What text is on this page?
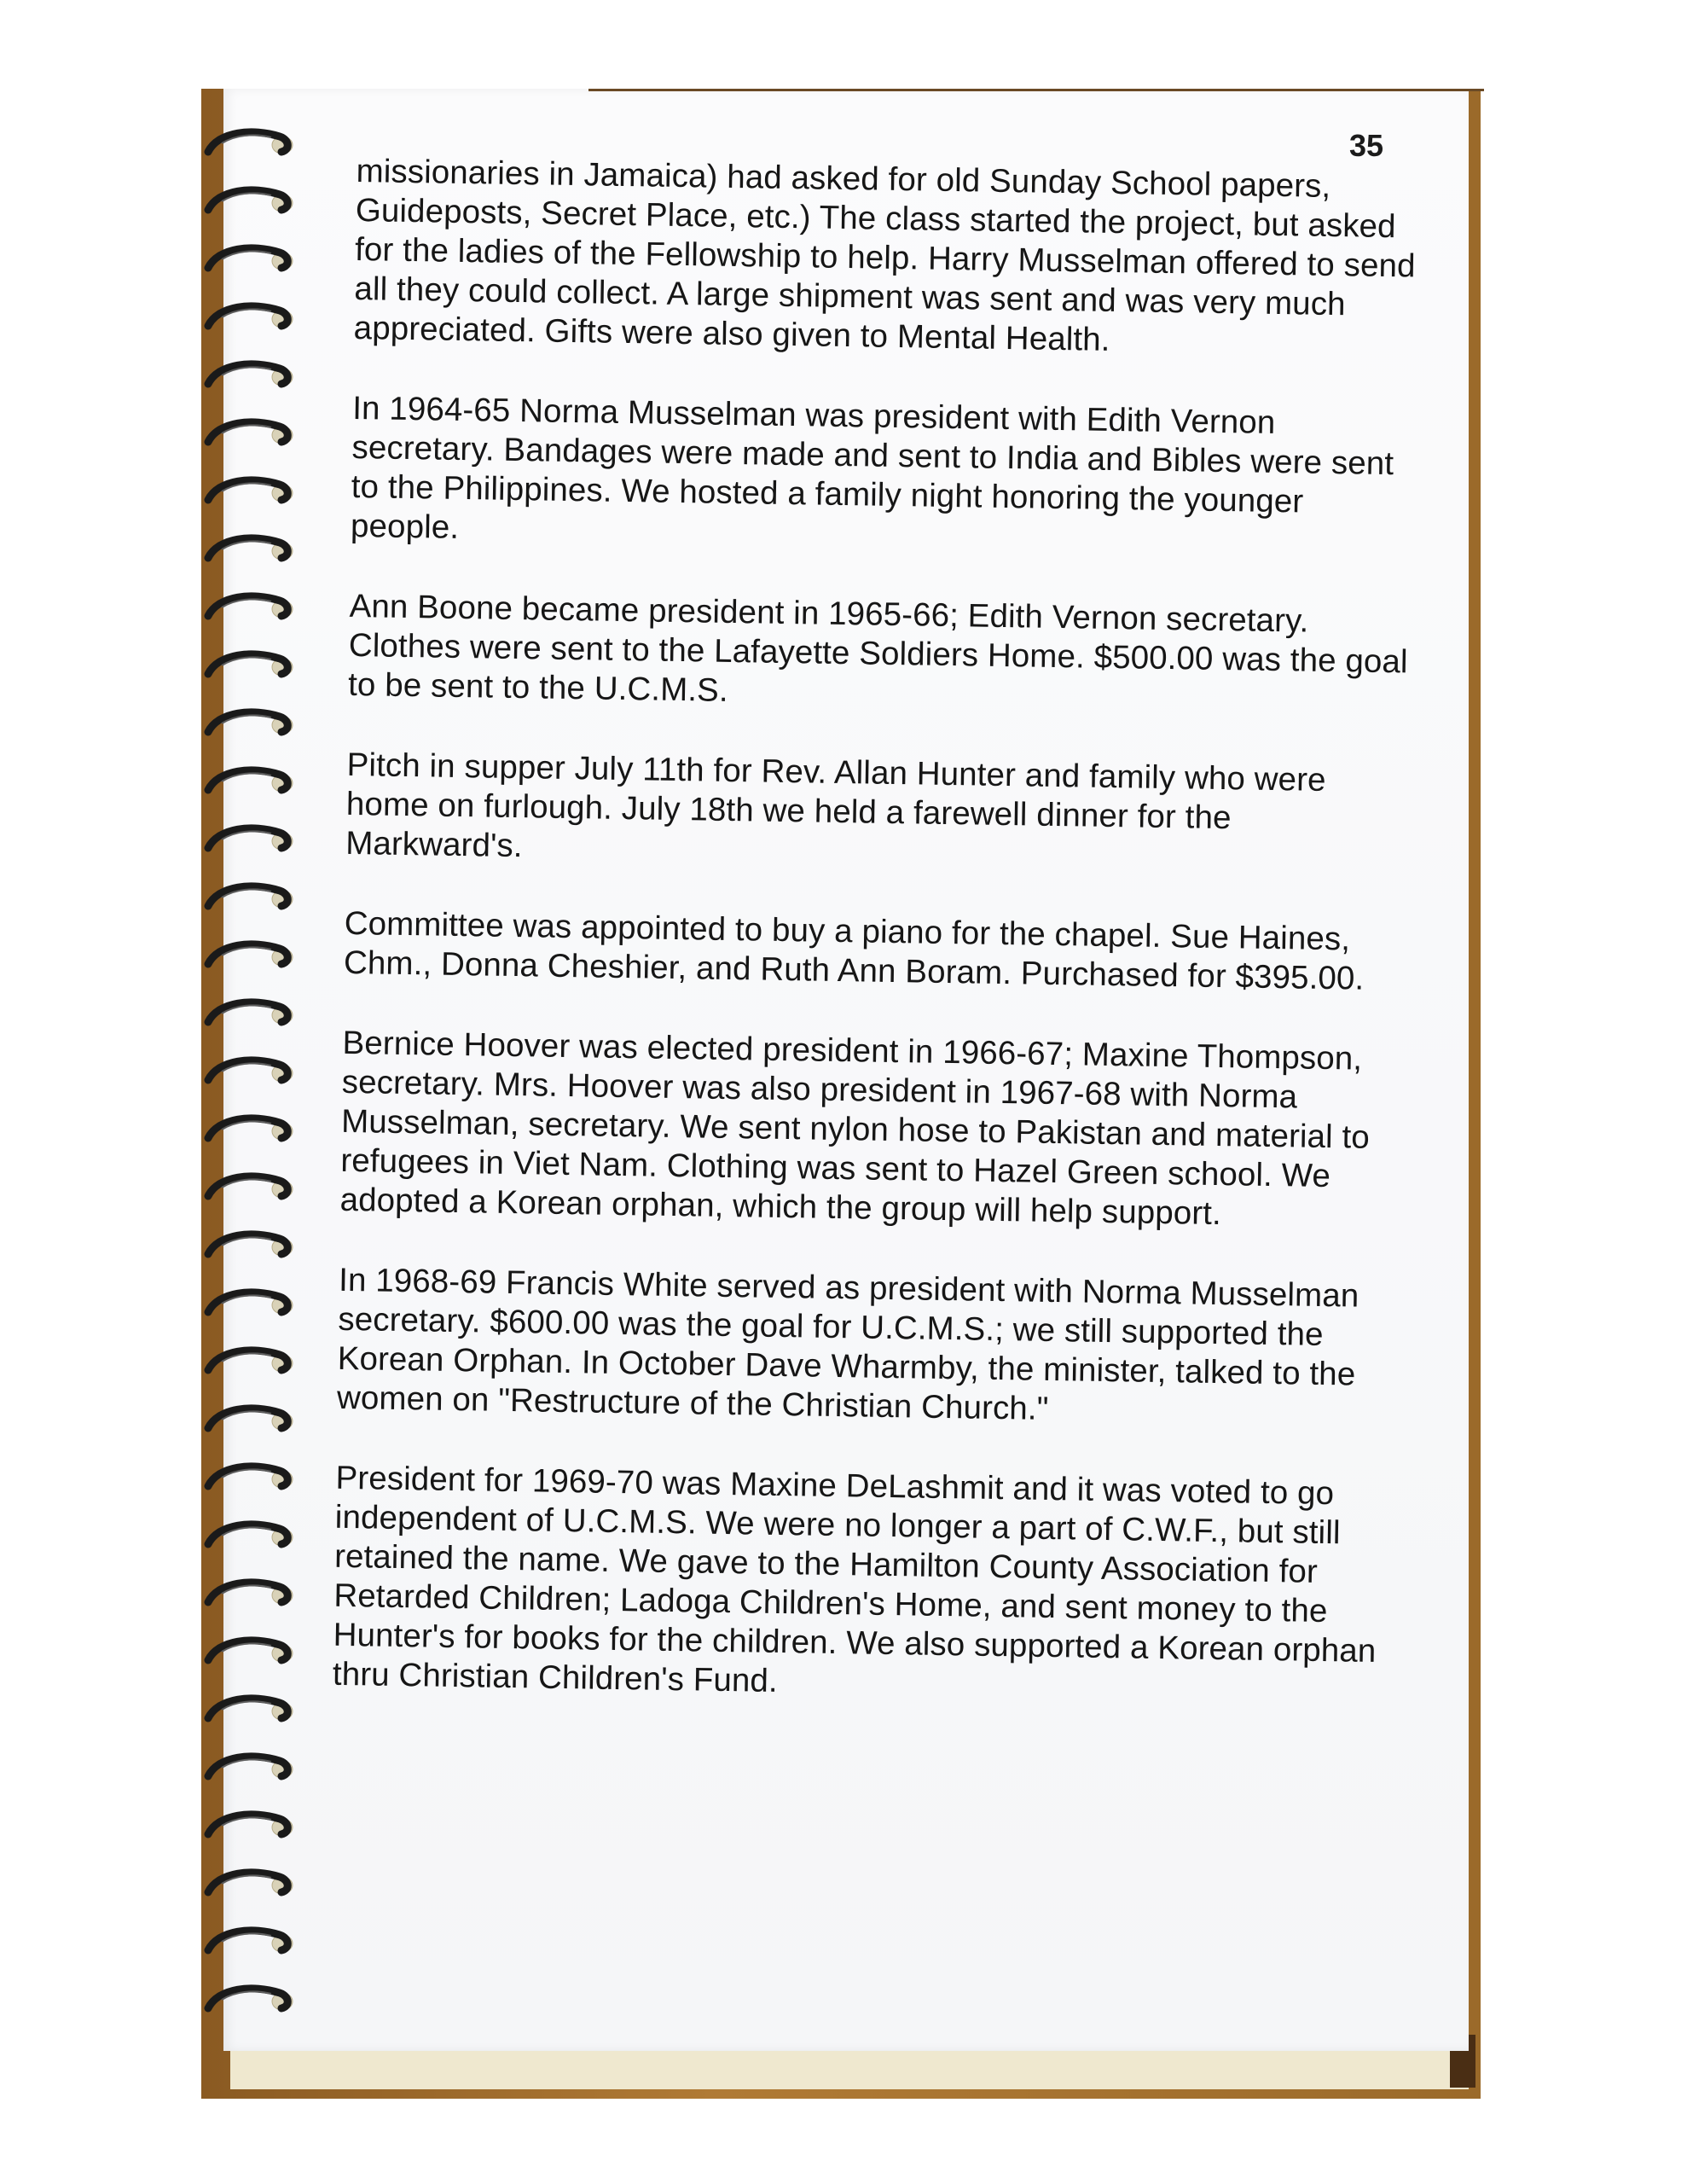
35

missionaries in Jamaica) had asked for old Sunday School papers, Guideposts, Secret Place, etc.) The class started the project, but asked for the ladies of the Fellowship to help. Harry Musselman offered to send all they could collect. A large shipment was sent and was very much appreciated. Gifts were also given to Mental Health.

In 1964-65 Norma Musselman was president with Edith Vernon secretary. Bandages were made and sent to India and Bibles were sent to the Philippines. We hosted a family night honoring the younger people.

Ann Boone became president in 1965-66; Edith Vernon secretary. Clothes were sent to the Lafayette Soldiers Home. $500.00 was the goal to be sent to the U.C.M.S.

Pitch in supper July 11th for Rev. Allan Hunter and family who were home on furlough. July 18th we held a farewell dinner for the Markward's.

Committee was appointed to buy a piano for the chapel. Sue Haines, Chm., Donna Cheshier, and Ruth Ann Boram. Purchased for $395.00.

Bernice Hoover was elected president in 1966-67; Maxine Thompson, secretary. Mrs. Hoover was also president in 1967-68 with Norma Musselman, secretary. We sent nylon hose to Pakistan and material to refugees in Viet Nam. Clothing was sent to Hazel Green school. We adopted a Korean orphan, which the group will help support.

In 1968-69 Francis White served as president with Norma Musselman secretary. $600.00 was the goal for U.C.M.S.; we still supported the Korean Orphan. In October Dave Wharmby, the minister, talked to the women on "Restructure of the Christian Church."

President for 1969-70 was Maxine DeLashmit and it was voted to go independent of U.C.M.S. We were no longer a part of C.W.F., but still retained the name. We gave to the Hamilton County Association for Retarded Children; Ladoga Children's Home, and sent money to the Hunter's for books for the children. We also supported a Korean orphan thru Christian Children's Fund.
